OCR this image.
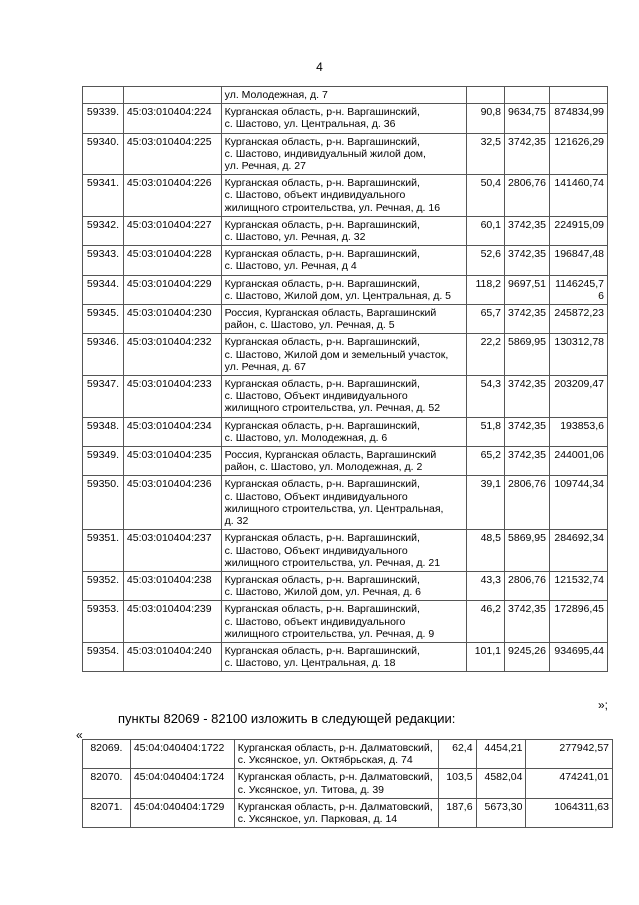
4

		ул. Молодежная, д. 7			

59339.	45:03:010404:224	Курганская область, р-н. Варгашинский,
с. Шастово, ул. Центральная, д. 36	90,8	9634,75	874834,99
59340.	45:03:010404:225	Курганская область, р-н. Варгашинский,
с. Шастово, индивидуальный жилой дом,
ул. Речная, д. 27	32,5	3742,35	121626,29
59341.	45:03:010404:226	Курганская область, р-н. Варгашинский,
с. Шастово, объект индивидуального
жилищного строительства, ул. Речная, д. 16	50,4	2806,76	141460,74
59342.	45:03:010404:227	Курганская область, р-н. Варгашинский,
с. Шастово, ул. Речная, д. 32	60,1	3742,35	224915,09
59343.	45:03:010404:228	Курганская область, р-н. Варгашинский,
с. Шастово, ул. Речная, д 4	52,6	3742,35	196847,48
59344.	45:03:010404:229	Курганская область, р-н. Варгашинский,
с. Шастово, Жилой дом, ул. Центральная, д. 5	118,2	9697,51	1146245,7
6

59345.	45:03:010404:230	Россия, Курганская область, Варгашинский
район, с. Шастово, ул. Речная, д. 5	65,7	3742,35	245872,23
59346.	45:03:010404:232	Курганская область, р-н. Варгашинский,
с. Шастово, Жилой дом и земельный участок,
ул. Речная, д. 67	22,2	5869,95	130312,78
59347.	45:03:010404:233	Курганская область, р-н. Варгашинский,
с. Шастово, Объект индивидуального
жилищного строительства, ул. Речная, д. 52	54,3	3742,35	203209,47
59348.	45:03:010404:234	Курганская область, р-н. Варгашинский,
с. Шастово, ул. Молодежная, д. 6	51,8	3742,35	193853,6
59349.	45:03:010404:235	Россия, Курганская область, Варгашинский
район, с. Шастово, ул. Молодежная, д. 2	65,2	3742,35	244001,06
59350.	45:03:010404:236	Курганская область, р-н. Варгашинский,
с. Шастово, Объект индивидуального
жилищного строительства, ул. Центральная,
д. 32	39,1	2806,76	109744,34
59351.	45:03:010404:237	Курганская область, р-н. Варгашинский,
с. Шастово, Объект индивидуального
жилищного строительства, ул. Речная, д. 21	48,5	5869,95	284692,34
59352.	45:03:010404:238	Курганская область, р-н. Варгашинский,
с. Шастово, Жилой дом, ул. Речная, д. 6	43,3	2806,76	121532,74
59353.	45:03:010404:239	Курганская область, р-н. Варгашинский,
с. Шастово, объект индивидуального
жилищного строительства, ул. Речная, д. 9	46,2	3742,35	172896,45
59354.	45:03:010404:240	Курганская область, р-н. Варгашинский,
с. Шастово, ул. Центральная, д. 18	101,1	9245,26	934695,44
»;
пункты 82069 - 82100 изложить в следующей редакции:
«
82069.	45:04:040404:1722	Курганская область, р-н. Далматовский,
с. Уксянское, ул. Октябрьская, д. 74	62,4	4454,21	277942,57
82070.	45:04:040404:1724	Курганская область, р-н. Далматовский,
с. Уксянское, ул. Титова, д. 39	103,5	4582,04	474241,01
82071.	45:04:040404:1729	Курганская область, р-н. Далматовский,
с. Уксянское, ул. Парковая, д. 14	187,6	5673,30	1064311,63
